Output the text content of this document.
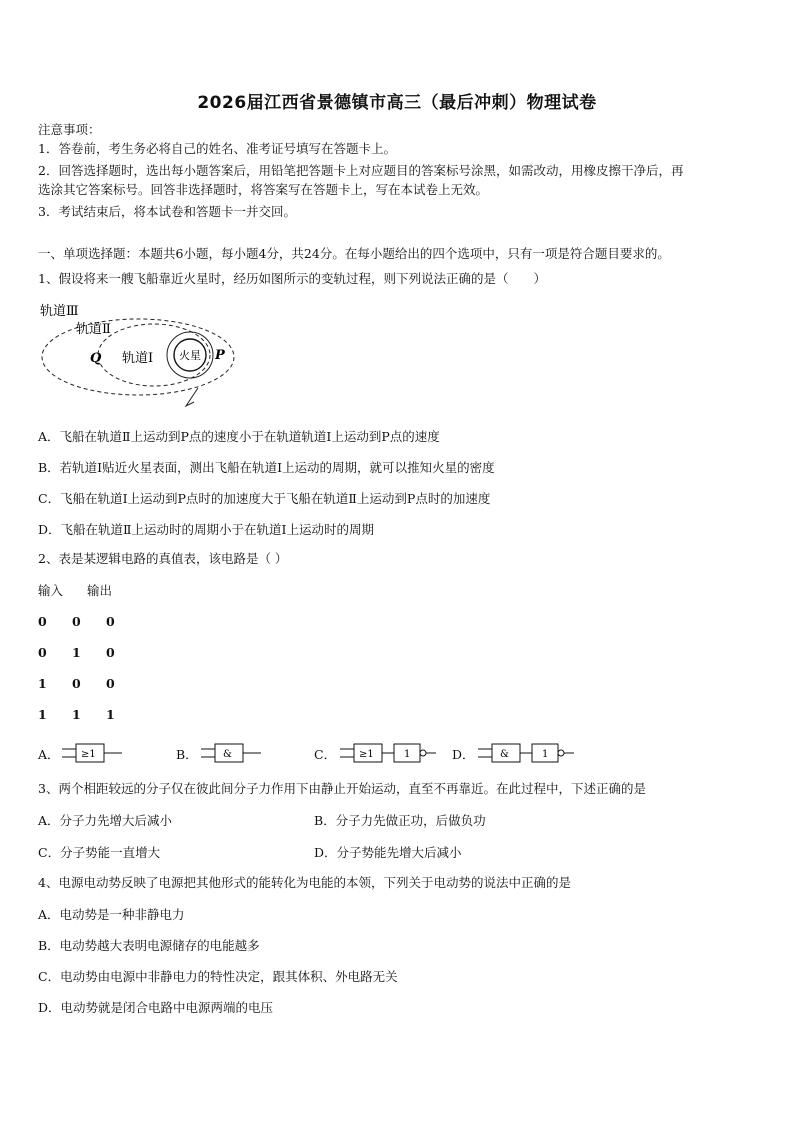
2026届江西省景德镇市高三（最后冲刺）物理试卷
注意事项：
1．答卷前，考生务必将自己的姓名、准考证号填写在答题卡上。
2．回答选择题时，选出每小题答案后，用铅笔把答题卡上对应题目的答案标号涂黑，如需改动，用橡皮擦干净后，再
选涂其它答案标号。回答非选择题时，将答案写在答题卡上，写在本试卷上无效。
3．考试结束后，将本试卷和答题卡一并交回。
一、单项选择题：本题共6小题，每小题4分，共24分。在每小题给出的四个选项中，只有一项是符合题目要求的。
1、假设将来一艘飞船靠近火星时，经历如图所示的变轨过程，则下列说法正确的是（　　）
轨道Ⅲ
轨道Ⅱ
轨道Ⅰ 火星
Q	P
A．飞船在轨道Ⅱ上运动到P点的速度小于在轨道轨道Ⅰ上运动到P点的速度
B．若轨道Ⅰ贴近火星表面，测出飞船在轨道Ⅰ上运动的周期，就可以推知火星的密度
C．飞船在轨道Ⅰ上运动到P点时的加速度大于飞船在轨道Ⅱ上运动到P点时的加速度
D．飞船在轨道Ⅱ上运动时的周期小于在轨道Ⅰ上运动时的周期
2、表是某逻辑电路的真值表，该电路是（ ）
输入 输出
0 0 0
0 1 0
1 0 0
1 1 1
A． ≥1	B．	&	C． ≥1	1	D．	&	1
3、两个相距较远的分子仅在彼此间分子力作用下由静止开始运动，直至不再靠近。在此过程中，下述正确的是
A．分子力先增大后减小	B．分子力先做正功，后做负功
C．分子势能一直增大	D．分子势能先增大后减小
4、电源电动势反映了电源把其他形式的能转化为电能的本领，下列关于电动势的说法中正确的是
A．电动势是一种非静电力
B．电动势越大表明电源储存的电能越多
C．电动势由电源中非静电力的特性决定，跟其体积、外电路无关
D．电动势就是闭合电路中电源两端的电压
